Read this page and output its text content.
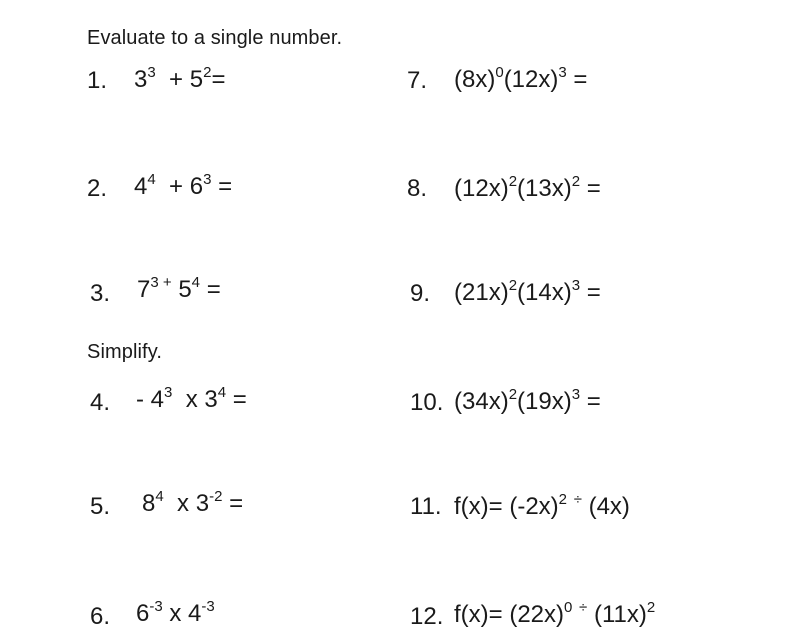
Evaluate to a single number.
Simplify.
1. $3^3 + 5^2=$
2. $4^4 + 6^3$ =
3. $7^{3 +}$ $5^4$ =
4. - $4^3$ x $3^4$ =
5. $8^4$ x $3^{-2}$ =
6. $6^{-3}$ x $4^{-3}$
7. $(8x)^0(12x)^3$ =
8. $(12x)^2(13x)^2$ =
9. $(21x)^2(14x)^3$ =
10. $(34x)^2(19x)^3$ =
11. $f(x)= (-2x)^2$ ÷ (4x)
12. $f(x)= (22x)^0$ ÷ $(11x)^2$
